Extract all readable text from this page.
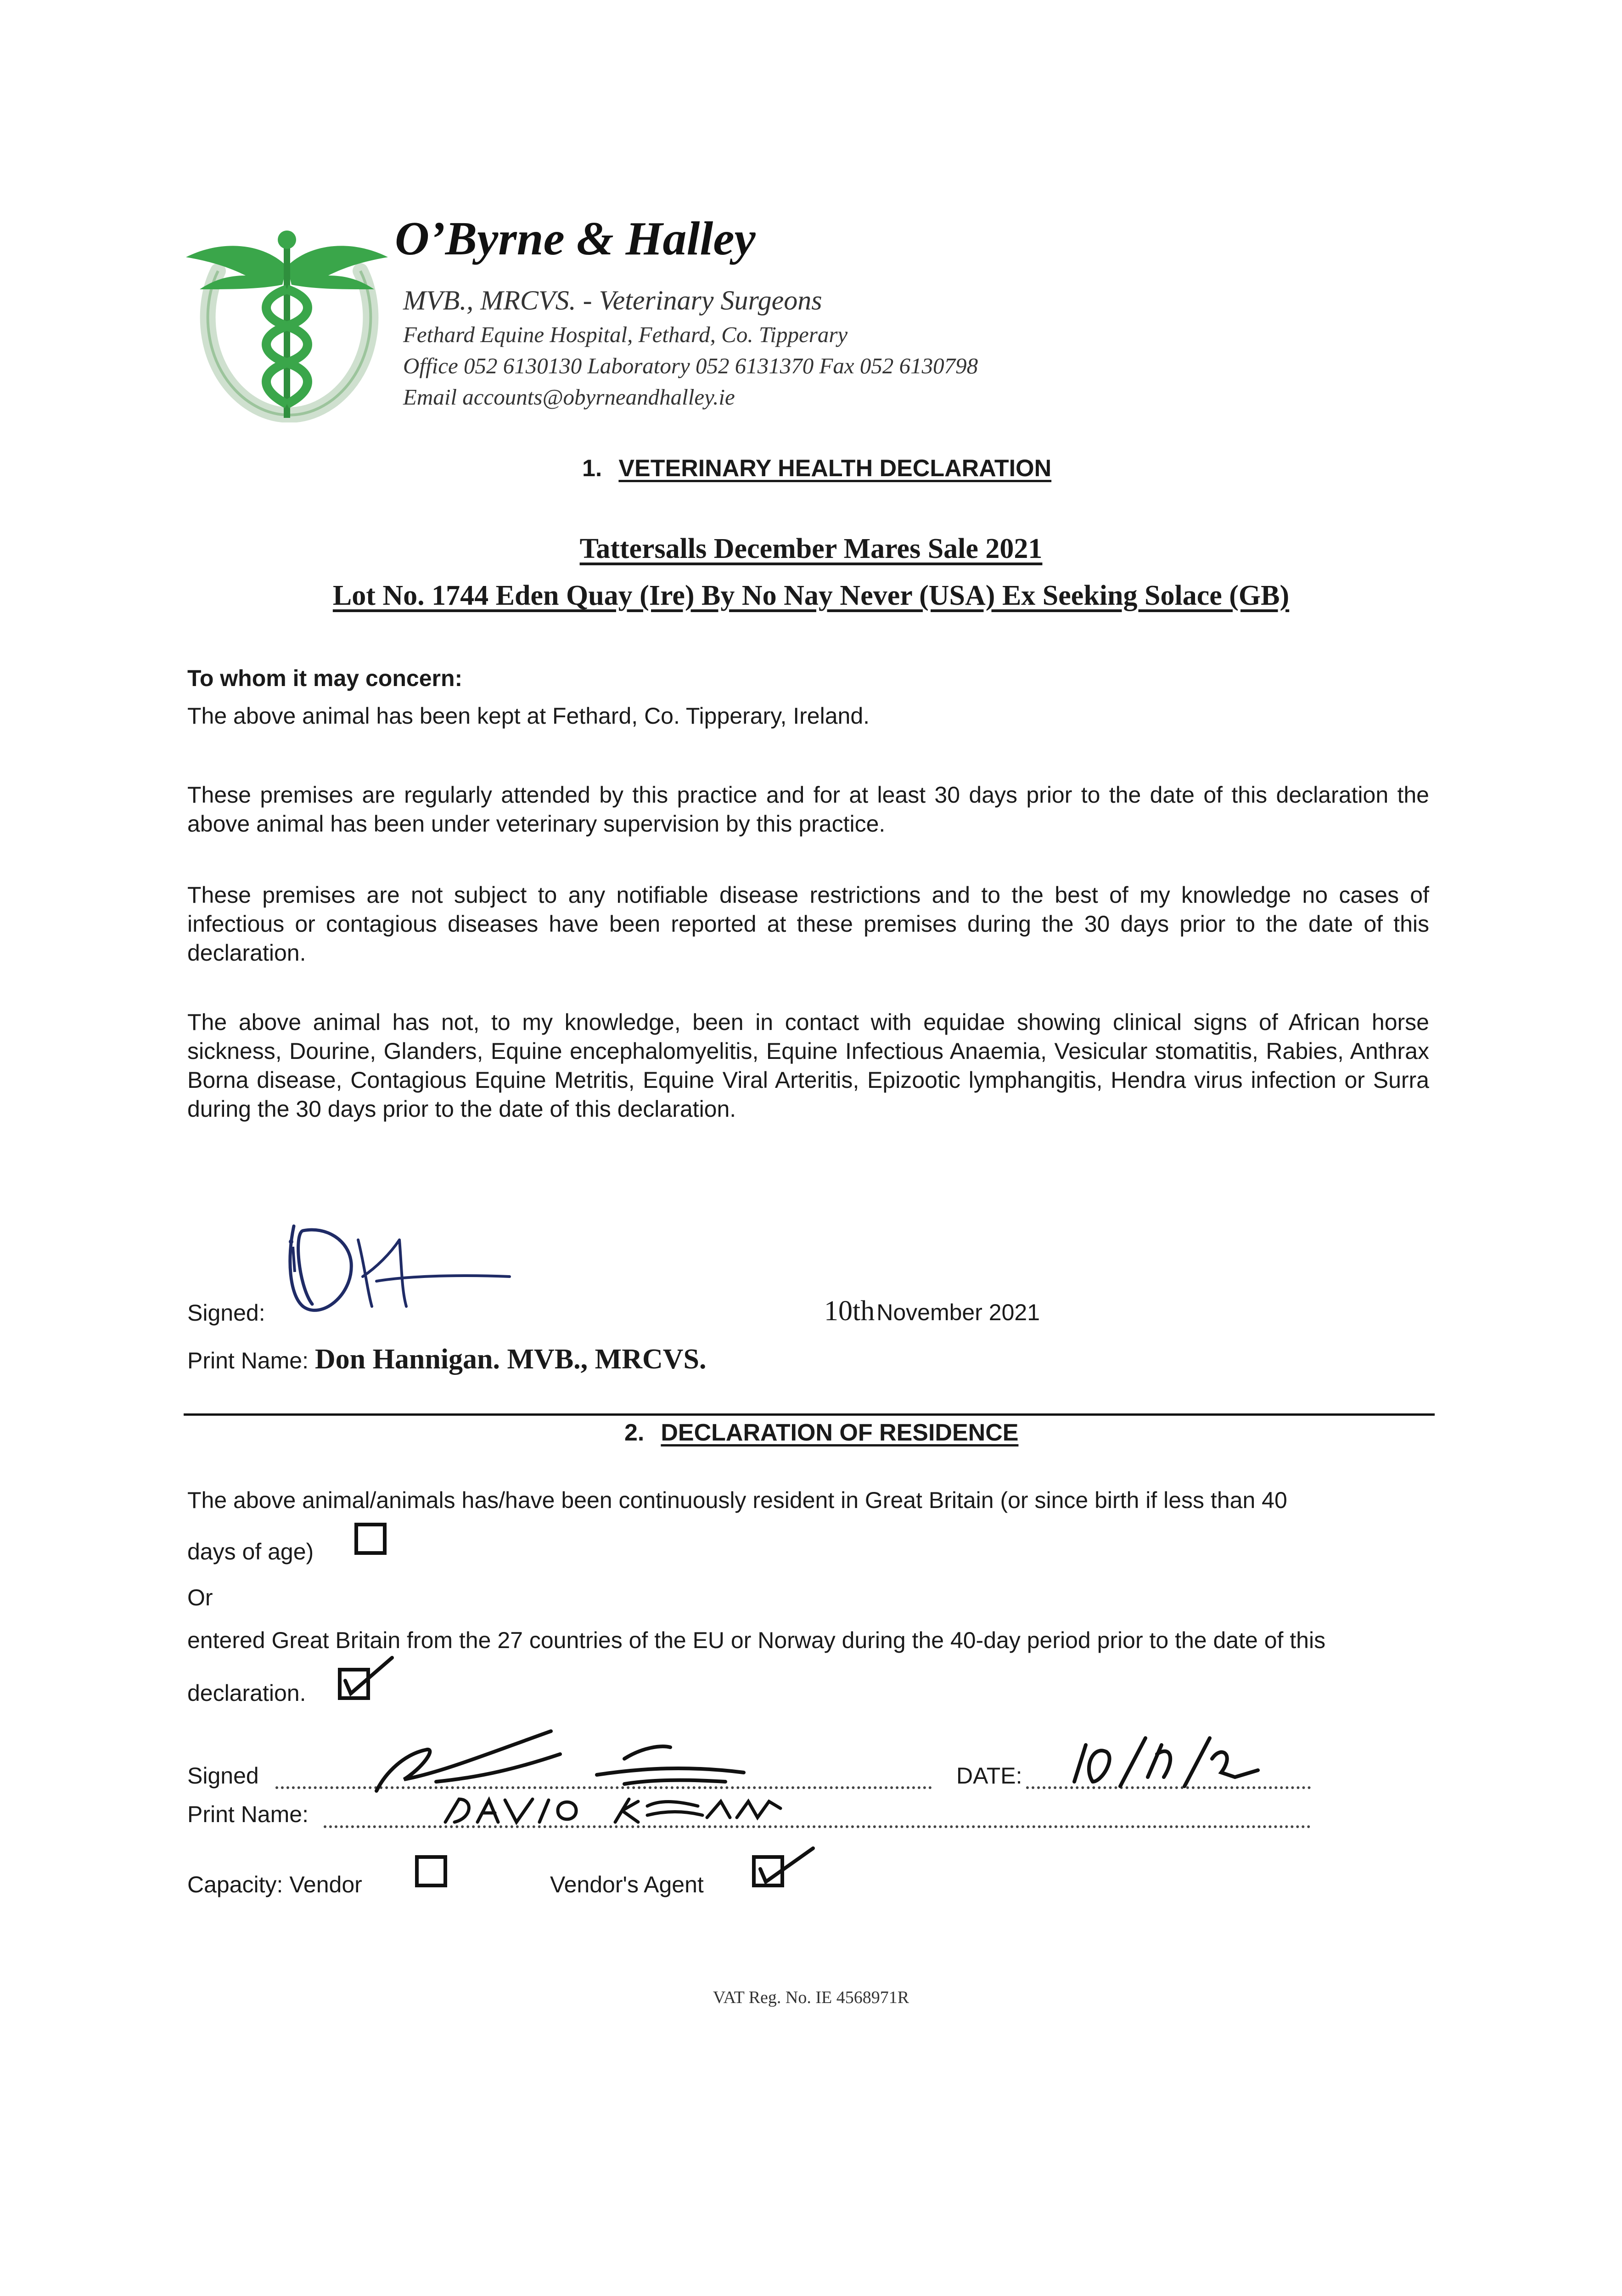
O’Byrne & Halley
MVB., MRCVS. - Veterinary Surgeons
Fethard Equine Hospital, Fethard, Co. Tipperary
Office 052 6130130 Laboratory 052 6131370 Fax 052 6130798
Email accounts@obyrneandhalley.ie
1. VETERINARY HEALTH DECLARATION
Tattersalls December Mares Sale 2021
Lot No. 1744 Eden Quay (Ire) By No Nay Never (USA) Ex Seeking Solace (GB)
To whom it may concern:
The above animal has been kept at Fethard, Co. Tipperary, Ireland.
These premises are regularly attended by this practice and for at least 30 days prior to the date of this declaration the above animal has been under veterinary supervision by this practice.
These premises are not subject to any notifiable disease restrictions and to the best of my knowledge no cases of infectious or contagious diseases have been reported at these premises during the 30 days prior to the date of this declaration.
The above animal has not, to my knowledge, been in contact with equidae showing clinical signs of African horse sickness, Dourine, Glanders, Equine encephalomyelitis, Equine Infectious Anaemia, Vesicular stomatitis, Rabies, Anthrax Borna disease, Contagious Equine Metritis, Equine Viral Arteritis, Epizootic lymphangitis, Hendra virus infection or Surra during the 30 days prior to the date of this declaration.
Signed:	10th November 2021
Print Name: Don Hannigan. MVB., MRCVS.
2. DECLARATION OF RESIDENCE
The above animal/animals has/have been continuously resident in Great Britain (or since birth if less than 40
days of age)
Or
entered Great Britain from the 27 countries of the EU or Norway during the 40-day period prior to the date of this
declaration.
Signed	DATE:
Print Name:
Capacity: Vendor	Vendor's Agent
VAT Reg. No. IE 4568971R
